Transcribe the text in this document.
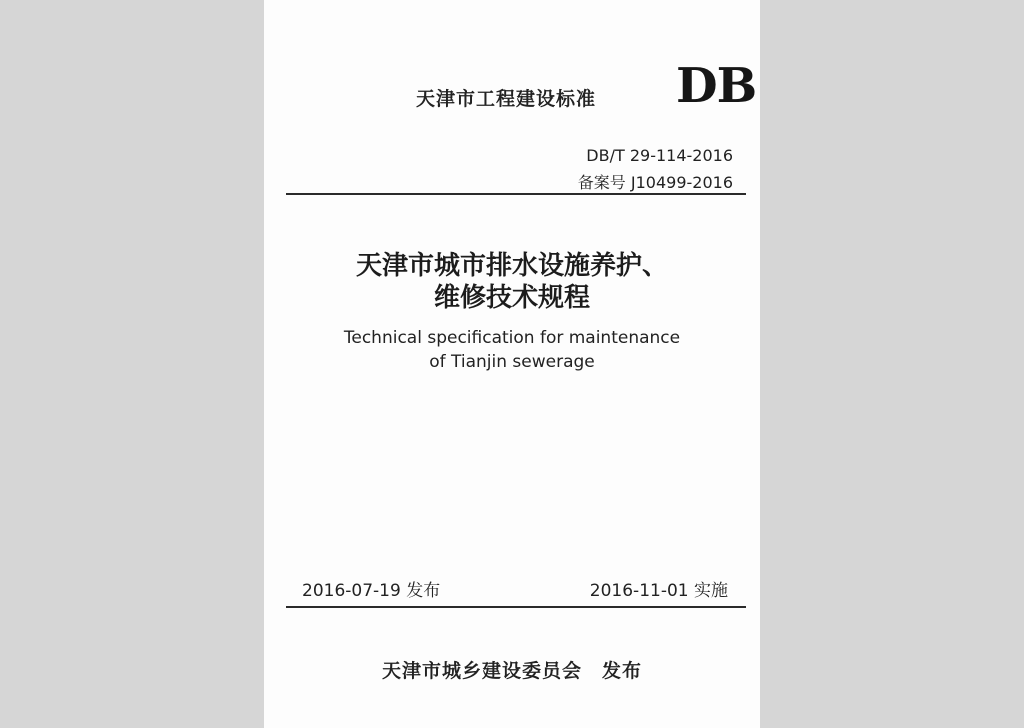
天津市工程建设标准 DB
DB/T 29-114-2016
备案号 J10499-2016
天津市城市排水设施养护、
维修技术规程
Technical specification for maintenance
of Tianjin sewerage
2016-07-19 发布	2016-11-01 实施
天津市城乡建设委员会　发布
